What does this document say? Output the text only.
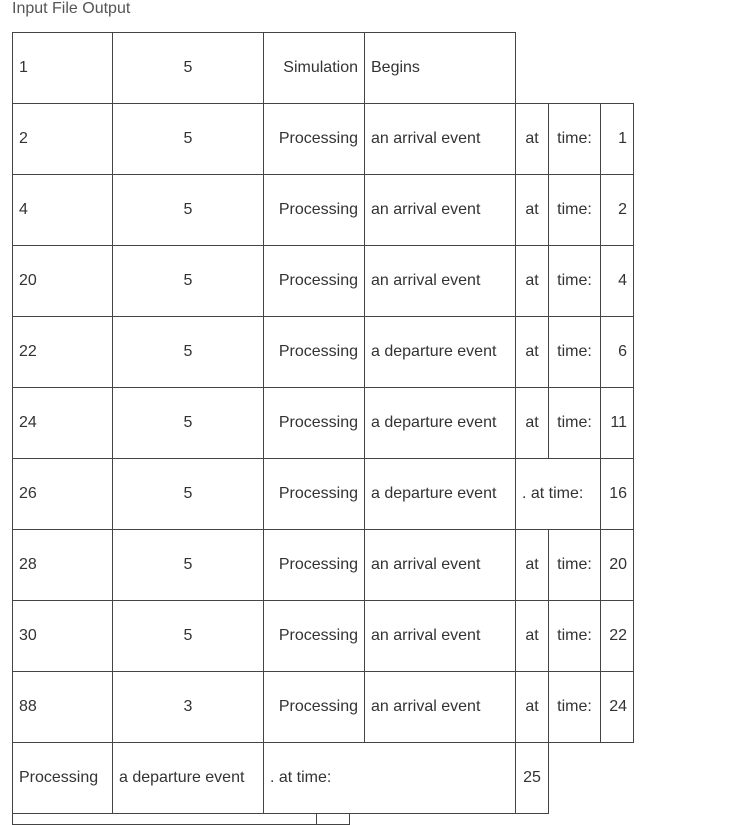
Input File Output
1	5	Simulation Begins
2	5	Processing an arrival event	at	time:	1
4	5	Processing an arrival event	at	time:	2
20	5	Processing an arrival event	at	time:	4
22	5	Processing a departure event	at	time:	6
24	5	Processing a departure event	at	time:	11
26	5	Processing a departure event	. at time:	16
28	5	Processing an arrival event	at	time:	20
30	5	Processing an arrival event	at	time:	22
88	3	Processing an arrival event	at	time:	24
Processing	a departure event	. at time:	25
